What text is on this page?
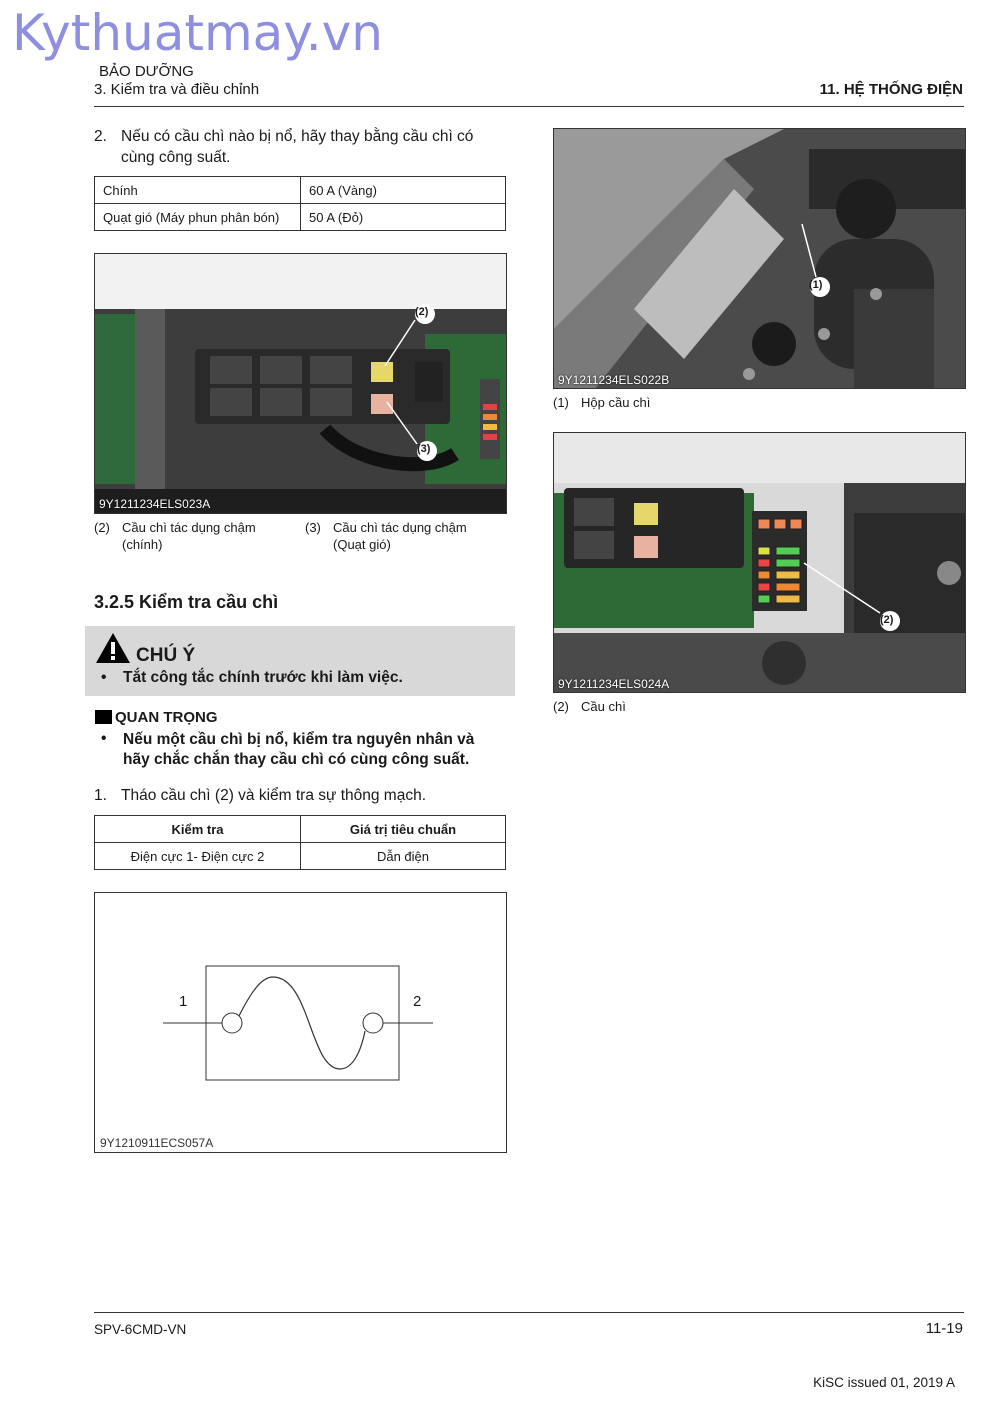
Kythuatmay.vn
BẢO DƯỠNG
3. Kiểm tra và điều chỉnh	11. HỆ THỐNG ĐIỆN
2. Nếu có cầu chì nào bị nổ, hãy thay bằng cầu chì có
cùng công suất.
Chính	60 A (Vàng)
Quạt gió (Máy phun phân bón)	50 A (Đỏ)
(2)
(3)
9Y1211234ELS023A
(2) Cầu chì tác dụng chậm
(chính)
(3) Cầu chì tác dụng chậm
(Quạt gió)
3.2.5 Kiểm tra cầu chì
CHÚ Ý
• Tắt công tắc chính trước khi làm việc.
QUAN TRỌNG
• Nếu một cầu chì bị nổ, kiểm tra nguyên nhân và
hãy chắc chắn thay cầu chì có cùng công suất.
1. Tháo cầu chì (2) và kiểm tra sự thông mạch.
Kiểm tra	Giá trị tiêu chuẩn
Điện cực 1- Điện cực 2	Dẫn điện
1	2
9Y1210911ECS057A
(1)
9Y1211234ELS022B
(1) Hộp cầu chì
(2)
9Y1211234ELS024A
(2) Cầu chì
SPV-6CMD-VN	11-19
KiSC issued 01, 2019 A
